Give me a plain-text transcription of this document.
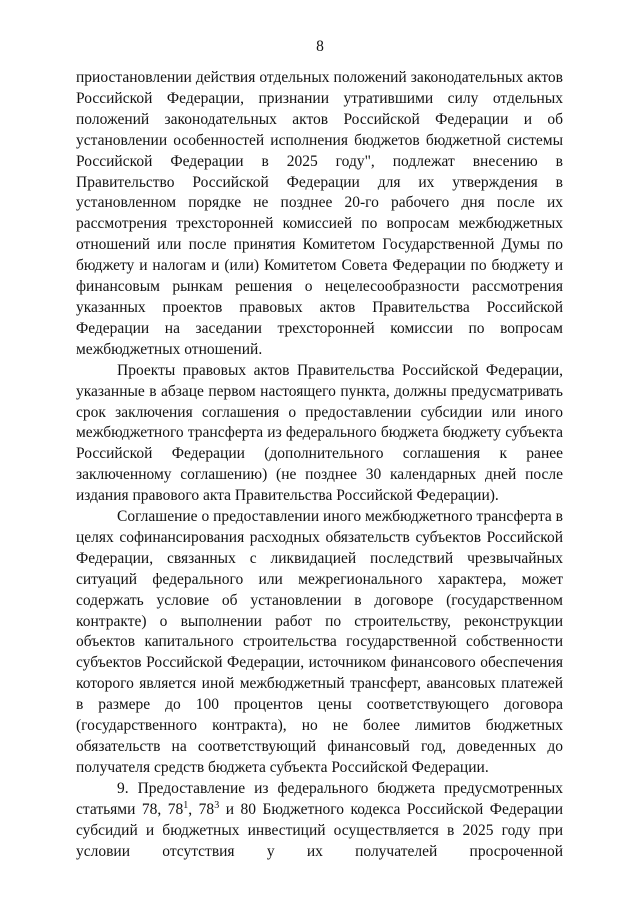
8

приостановлении действия отдельных положений законодательных актов Российской Федерации, признании утратившими силу отдельных положений законодательных актов Российской Федерации и об установлении особенностей исполнения бюджетов бюджетной системы Российской Федерации в 2025 году", подлежат внесению в Правительство Российской Федерации для их утверждения в установленном порядке не позднее 20-го рабочего дня после их рассмотрения трехсторонней комиссией по вопросам межбюджетных отношений или после принятия Комитетом Государственной Думы по бюджету и налогам и (или) Комитетом Совета Федерации по бюджету и финансовым рынкам решения о нецелесообразности рассмотрения указанных проектов правовых актов Правительства Российской Федерации на заседании трехсторонней комиссии по вопросам межбюджетных отношений.

Проекты правовых актов Правительства Российской Федерации, указанные в абзаце первом настоящего пункта, должны предусматривать срок заключения соглашения о предоставлении субсидии или иного межбюджетного трансферта из федерального бюджета бюджету субъекта Российской Федерации (дополнительного соглашения к ранее заключенному соглашению) (не позднее 30 календарных дней после издания правового акта Правительства Российской Федерации).

Соглашение о предоставлении иного межбюджетного трансферта в целях софинансирования расходных обязательств субъектов Российской Федерации, связанных с ликвидацией последствий чрезвычайных ситуаций федерального или межрегионального характера, может содержать условие об установлении в договоре (государственном контракте) о выполнении работ по строительству, реконструкции объектов капитального строительства государственной собственности субъектов Российской Федерации, источником финансового обеспечения которого является иной межбюджетный трансферт, авансовых платежей в размере до 100 процентов цены соответствующего договора (государственного контракта), но не более лимитов бюджетных обязательств на соответствующий финансовый год, доведенных до получателя средств бюджета субъекта Российской Федерации.

9. Предоставление из федерального бюджета предусмотренных статьями 78, $78^1$, $78^3$ и 80 Бюджетного кодекса Российской Федерации субсидий и бюджетных инвестиций осуществляется в 2025 году при условии отсутствия у их получателей просроченной
